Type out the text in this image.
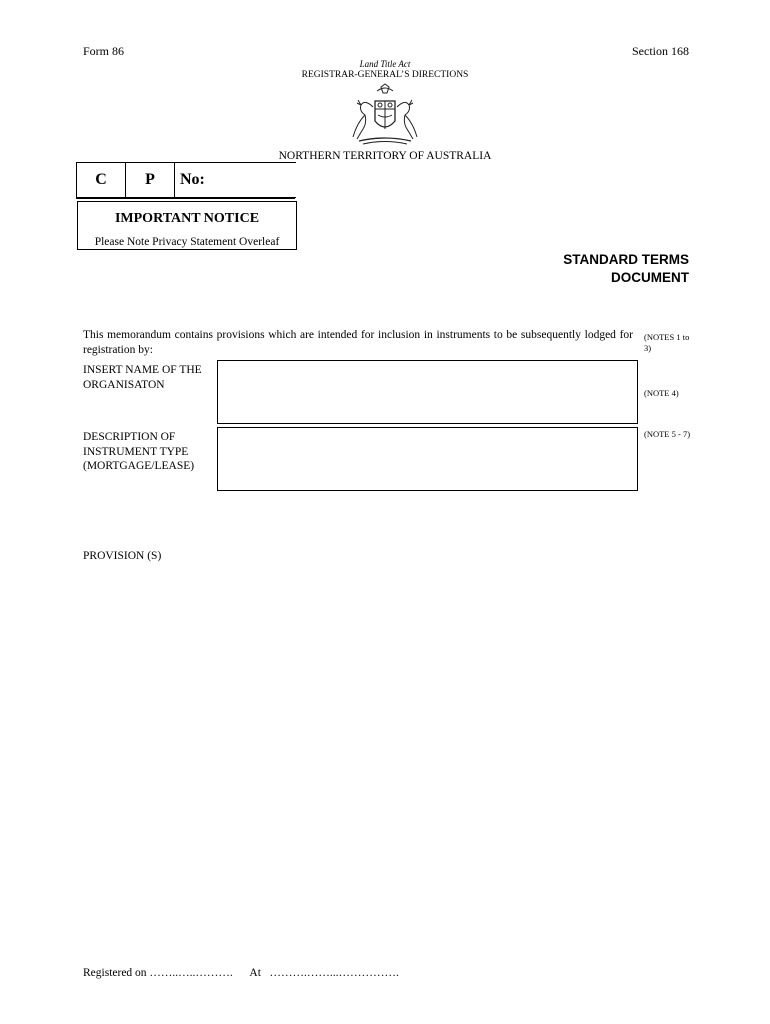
Form 86	Section 168
Land Title Act
REGISTRAR-GENERAL’S DIRECTIONS
NORTHERN TERRITORY OF AUSTRALIA
C	P	No:
IMPORTANT NOTICE
Please Note Privacy Statement Overleaf
STANDARD TERMS
DOCUMENT
This memorandum contains provisions which are intended for inclusion in instruments to be subsequently lodged for registration by:
(NOTES 1 to 3)
INSERT NAME OF THE
ORGANISATON
(NOTE 4)
DESCRIPTION OF
INSTRUMENT TYPE
(MORTGAGE/LEASE)
(NOTE 5 - 7)
PROVISION (S)
Registered on ……..…..……….      At   ……….……...…………….
